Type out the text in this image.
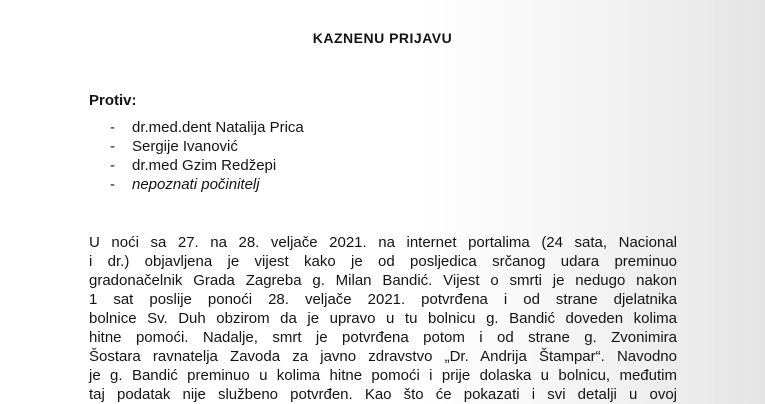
KAZNENU PRIJAVU
Protiv:
- dr.med.dent Natalija Prica
- Sergije Ivanović
- dr.med Gzim Redžepi
- nepoznati počinitelj
U noći sa 27. na 28. veljače 2021. na internet portalima (24 sata, Nacional
i dr.) objavljena je vijest kako je od posljedica srčanog udara preminuo
gradonačelnik Grada Zagreba g. Milan Bandić. Vijest o smrti je nedugo nakon
1 sat poslije ponoći 28. veljače 2021. potvrđena i od strane djelatnika
bolnice Sv. Duh obzirom da je upravo u tu bolnicu g. Bandić doveden kolima
hitne pomoći. Nadalje, smrt je potvrđena potom i od strane g. Zvonimira
Šostara ravnatelja Zavoda za javno zdravstvo „Dr. Andrija Štampar“. Navodno
je g. Bandić preminuo u kolima hitne pomoći i prije dolaska u bolnicu, međutim
taj podatak nije službeno potvrđen. Kao što će pokazati i svi detalji u ovoj
